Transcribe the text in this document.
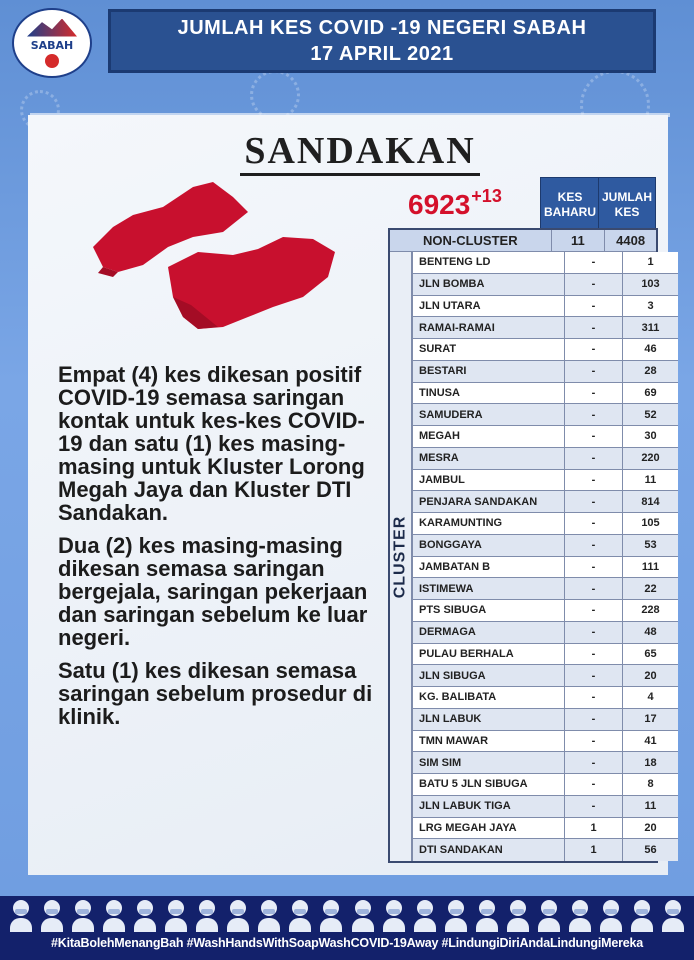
SABAH
JUMLAH KES COVID -19 NEGERI SABAH
17 APRIL 2021
SANDAKAN
6923+13	KES BAHARU
JUMLAH KES

Empat (4) kes dikesan positif COVID-19 semasa saringan kontak untuk kes-kes COVID-19 dan satu (1) kes masing-masing untuk Kluster Lorong Megah Jaya dan Kluster DTI Sandakan.

Dua (2) kes masing-masing dikesan semasa saringan bergejala, saringan pekerjaan dan saringan sebelum ke luar negeri.

Satu (1) kes dikesan semasa saringan sebelum prosedur di klinik.

NON-CLUSTER	11	4408
CLUSTER
BENTENG LD	-	1
JLN BOMBA	-	103
JLN UTARA	-	3
RAMAI-RAMAI	-	311
SURAT	-	46
BESTARI	-	28
TINUSA	-	69
SAMUDERA	-	52
MEGAH	-	30
MESRA	-	220
JAMBUL	-	11
PENJARA SANDAKAN	-	814
KARAMUNTING	-	105
BONGGAYA	-	53
JAMBATAN B	-	111
ISTIMEWA	-	22
PTS SIBUGA	-	228
DERMAGA	-	48
PULAU BERHALA	-	65
JLN SIBUGA	-	20
KG. BALIBATA	-	4
JLN LABUK	-	17
TMN MAWAR	-	41
SIM SIM	-	18
BATU 5 JLN SIBUGA	-	8
JLN LABUK TIGA	-	11
LRG MEGAH JAYA	1	20
DTI SANDAKAN	1	56
#KitaBolehMenangBah #WashHandsWithSoapWashCOVID-19Away #LindungiDiriAndaLindungiMereka
